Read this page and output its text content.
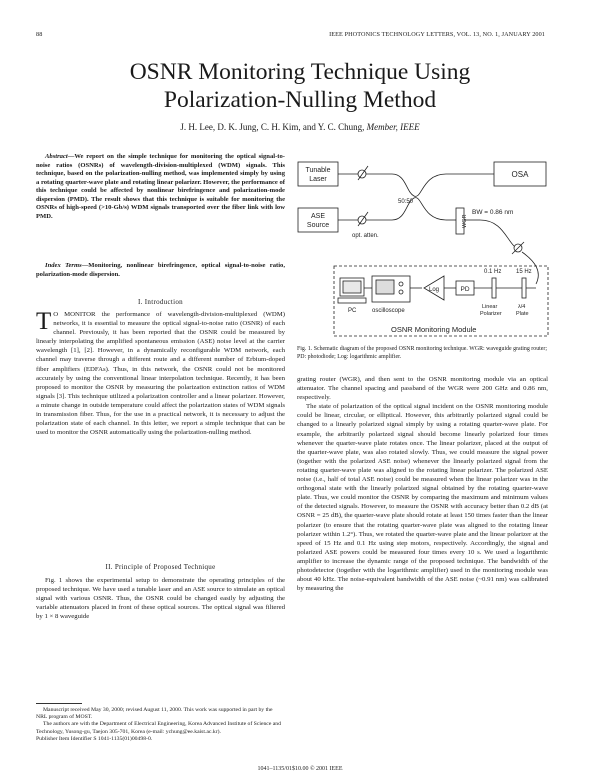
88	IEEE PHOTONICS TECHNOLOGY LETTERS, VOL. 13, NO. 1, JANUARY 2001
OSNR Monitoring Technique Using
Polarization-Nulling Method
J. H. Lee, D. K. Jung, C. H. Kim, and Y. C. Chung, Member, IEEE
Abstract—We report on the simple technique for monitoring the optical signal-to-noise ratios (OSNRs) of wavelength-division-multiplexed (WDM) signals. This technique, based on the polarization-nulling method, was implemented simply by using a rotating quarter-wave plate and rotating linear polarizer. However, the performance of this technique could be affected by nonlinear birefringence and polarization-mode dispersion (PMD). The result shows that this technique is suitable for monitoring the OSNRs of high-speed (>10-Gb/s) WDM signals transported over the fiber link with low PMD.
Index Terms—Monitoring, nonlinear birefringence, optical signal-to-noise ratio, polarization-mode dispersion.
I. Introduction

T O MONITOR the performance of wavelength-division-multiplexed (WDM) networks, it is essential to measure the optical signal-to-noise ratio (OSNR) of each channel. Previously, it has been reported that the OSNR could be measured by linearly interpolating the amplified spontaneous emission (ASE) noise level at the carrier wavelength [1], [2]. However, in a dynamically reconfigurable WDM network, each channel may traverse through a different route and a different number of Erbium-doped fiber amplifiers (EDFAs). Thus, in this network, the OSNR could not be monitored accurately by using the conventional linear interpolation technique. Recently, it has been proposed to monitor the OSNR by measuring the polarization extinction ratios of WDM signals [3]. This technique utilized a polarization controller and a linear polarizer. However, a minute change in outside temperature could affect the polarization states of WDM signals in transmission fiber. Thus, for the use in a practical network, it is necessary to adjust the polarization state of each channel. In this letter, we report a simple technique that can be used to monitor the OSNR automatically using the polarization-nulling method.

II. Principle of Proposed Technique

Fig. 1 shows the experimental setup to demonstrate the operating principles of the proposed technique. We have used a tunable laser and an ASE source to simulate an optical signal with various OSNR. Thus, the OSNR could be changed easily by adjusting the variable attenuators placed in front of these optical sources. The optical signal was filtered by 1 × 8 waveguide

Manuscript received May 30, 2000; revised August 11, 2000. This work was supported in part by the NRL program of MOST.

The authors are with the Department of Electrical Engineering, Korea Advanced Institute of Science and Technology, Yusong-gu, Taejon 305-701, Korea (e-mail: ychung@ee.kaist.ac.kr).

Publisher Item Identifier S 1041-1135(01)00498-0.

Tunable
Laser
ASE
Source
opt. atten.
50:50
OSA
WGR
BW = 0.86 nm
OSNR Monitoring Module
PC	oscilloscope
Log	PD
0.1 Hz 15 Hz
Linear
Polarizer
λ/4
Plate
Fig. 1. Schematic diagram of the proposed OSNR monitoring technique. WGR: waveguide grating router; PD: photodiode; Log: logarithmic amplifier.

grating router (WGR), and then sent to the OSNR monitoring module via an optical attenuator. The channel spacing and passband of the WGR were 200 GHz and 0.86 nm, respectively.

The state of polarization of the optical signal incident on the OSNR monitoring module could be linear, circular, or elliptical. However, this arbitrarily polarized signal could be changed to a linearly polarized signal simply by using a rotating quarter-wave plate. For example, the arbitrarily polarized signal should become linearly polarized four times whenever the quarter-wave plate rotates once. The linear polarizer, placed at the output of the quarter-wave plate, was also rotated slowly. Thus, we could measure the signal power (together with the polarized ASE noise) whenever the linearly polarized signal from the rotating quarter-wave plate was aligned to the rotating linear polarizer. The polarized ASE noise (i.e., half of total ASE noise) could be measured when the linear polarizer was in the orthogonal state with the linearly polarized signal obtained by the rotating quarter-wave plate. Thus, we could monitor the OSNR by comparing the maximum and minimum values of the detected signals. However, to measure the OSNR with accuracy better than 0.2 dB (at OSNR = 25 dB), the quarter-wave plate should rotate at least 150 times faster than the linear polarizer (to ensure that the rotating quarter-wave plate was aligned to the rotating linear polarizer within 1.2°). Thus, we rotated the quarter-wave plate and the linear polarizer at the speed of 15 Hz and 0.1 Hz using step motors, respectively. Accordingly, the signal and polarized ASE powers could be measured four times every 10 s. We used a logarithmic amplifier to increase the dynamic range of the proposed technique. The bandwidth of the photodetector (together with the logarithmic amplifier) used in the monitoring module was about 40 kHz. The noise-equivalent bandwidth of the ASE noise (~0.91 nm) was calibrated by measuring the

1041–1135/01$10.00 © 2001 IEEE
